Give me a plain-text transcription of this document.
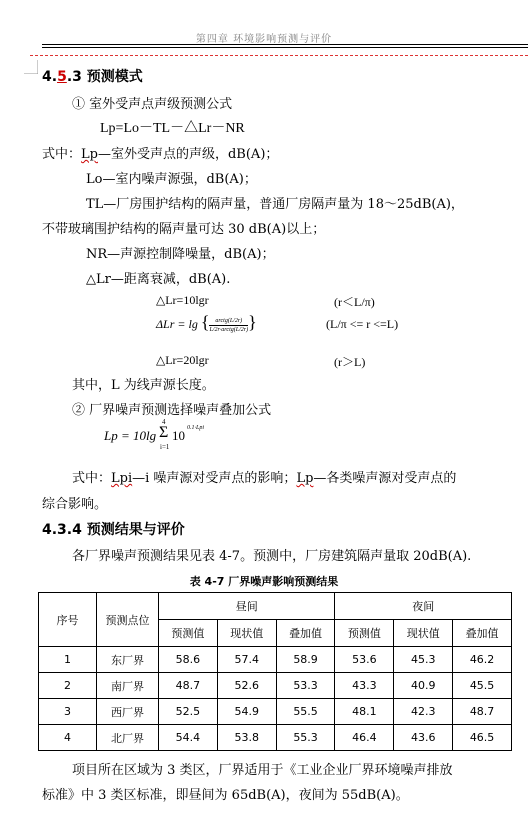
第四章 环境影响预测与评价
4.5.3 预测模式
① 室外受声点声级预测公式
Lp=Lo－TL－△Lr－NR
式中：Lp—室外受声点的声级，dB(A)；
Lo—室内噪声源强，dB(A)；
TL—厂房围护结构的隔声量，普通厂房隔声量为 18～25dB(A)，
不带玻璃围护结构的隔声量可达 30 dB(A)以上；
NR—声源控制降噪量，dB(A)；
△Lr—距离衰减，dB(A).
△Lr=10lgr	(r＜L/π)
ΔLr = lg { $\frac{\text{arctg(L/2r)}}{\text{L/2r·arctg(L/2r)}}$ }	(L/π <= r <=L)
△Lr=20lgr	(r＞L)
其中，L 为线声源长度。
② 厂界噪声预测选择噪声叠加公式
Lp = 10lg
4
Σ
i=1
10 0.1·Lpi
式中：Lpi—i 噪声源对受声点的影响；Lp—各类噪声源对受声点的
综合影响。
4.3.4 预测结果与评价
各厂界噪声预测结果见表 4-7。预测中，厂房建筑隔声量取 20dB(A).
表 4-7 厂界噪声影响预测结果
序号	预测点位	昼间			夜间		
		预测值	现状值	叠加值	预测值	现状值	叠加值
1	东厂界	58.6	57.4	58.9	53.6	45.3	46.2
2	南厂界	48.7	52.6	53.3	43.3	40.9	45.5
3	西厂界	52.5	54.9	55.5	48.1	42.3	48.7
4	北厂界	54.4	53.8	55.3	46.4	43.6	46.5
项目所在区域为 3 类区，厂界适用于《工业企业厂界环境噪声排放
标准》中 3 类区标准，即昼间为 65dB(A)，夜间为 55dB(A)。
